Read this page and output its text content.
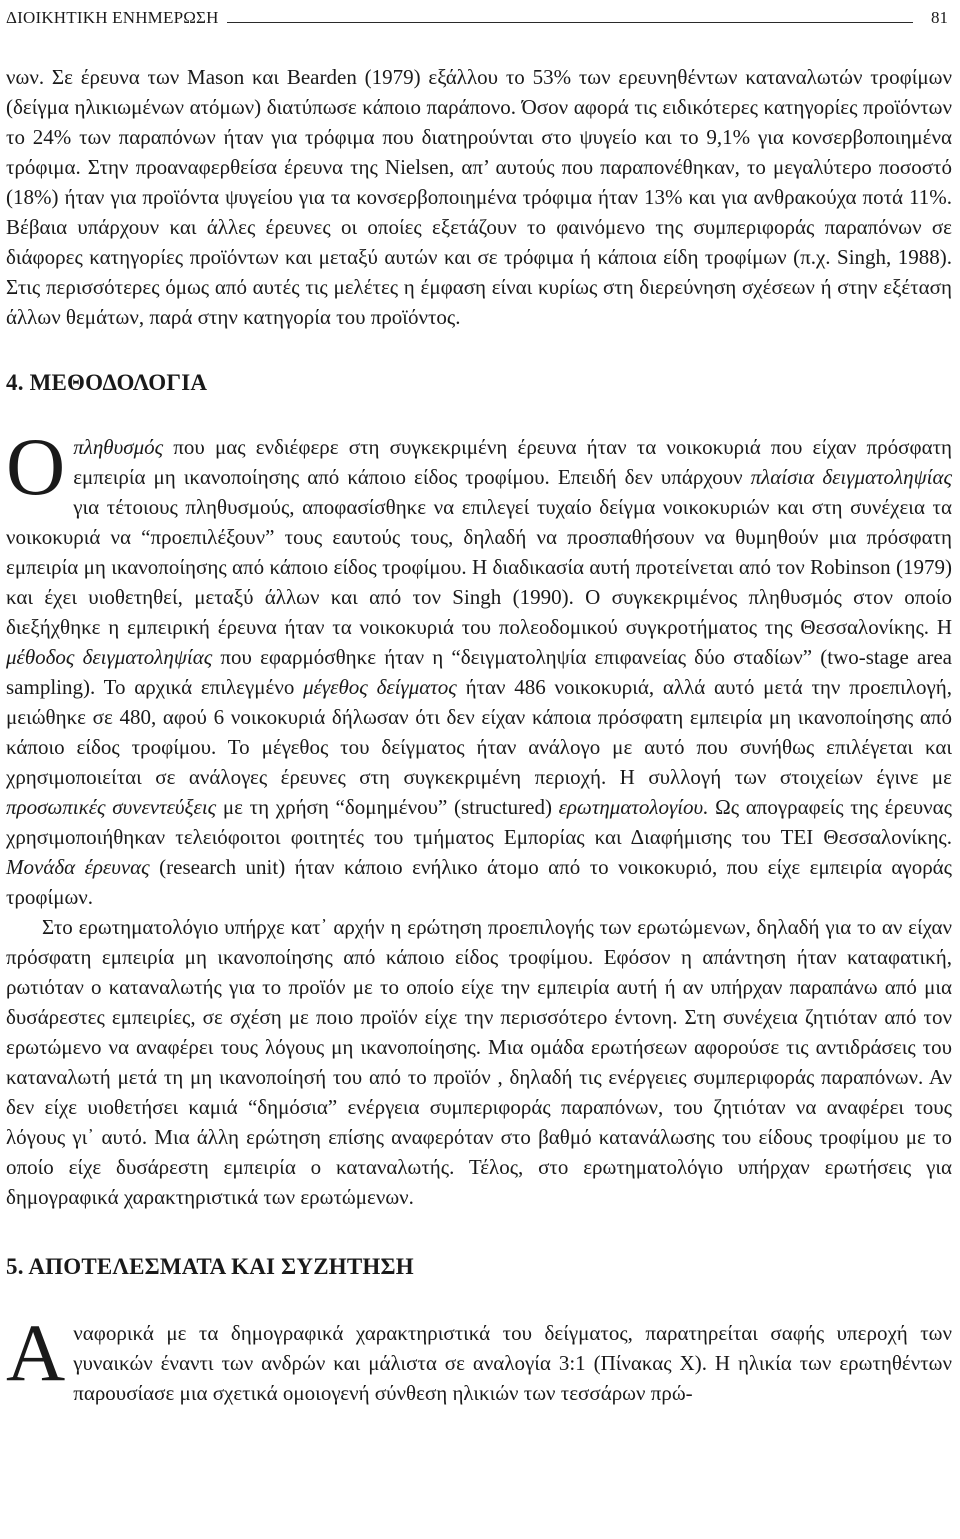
ΔΙΟΙΚΗΤΙΚΗ ΕΝΗΜΕΡΩΣΗ	81

νων. Σε έρευνα των Mason και Bearden (1979) εξάλλου το 53% των ερευνηθέντων καταναλωτών τροφίμων (δείγμα ηλικιωμένων ατόμων) διατύπωσε κάποιο παράπονο. Όσον αφορά τις ειδικότερες κατηγορίες προϊόντων το 24% των παραπόνων ήταν για τρόφιμα που διατηρούνται στο ψυγείο και το 9,1% για κονσερβοποιημένα τρόφιμα. Στην προαναφερθείσα έρευνα της Nielsen, απ’ αυτούς που παραπονέθηκαν, το μεγαλύτερο ποσοστό (18%) ήταν για προϊόντα ψυγείου για τα κονσερβοποιημένα τρόφιμα ήταν 13% και για ανθρακούχα ποτά 11%. Βέβαια υπάρχουν και άλλες έρευνες οι οποίες εξετάζουν το φαινόμενο της συμπεριφοράς παραπόνων σε διάφορες κατηγορίες προϊόντων και μεταξύ αυτών και σε τρόφιμα ή κάποια είδη τροφίμων (π.χ. Singh, 1988). Στις περισσότερες όμως από αυτές τις μελέτες η έμφαση είναι κυρίως στη διερεύνηση σχέσεων ή στην εξέταση άλλων θεμάτων, παρά στην κατηγορία του προϊόντος.

4. ΜΕΘΟΔΟΛΟΓΙΑ

Οπληθυσμός που μας ενδιέφερε στη συγκεκριμένη έρευνα ήταν τα νοικοκυριά που είχαν πρόσφατη εμπειρία μη ικανοποίησης από κάποιο είδος τροφίμου. Επειδή δεν υπάρχουν πλαίσια δειγματοληψίας για τέτοιους πληθυσμούς, αποφασίσθηκε να επιλεγεί τυχαίο δείγμα νοικοκυριών και στη συνέχεια τα νοικοκυριά να “προεπιλέξουν” τους εαυτούς τους, δηλαδή να προσπαθήσουν να θυμηθούν μια πρόσφατη εμπειρία μη ικανοποίησης από κάποιο είδος τροφίμου. Η διαδικασία αυτή προτείνεται από τον Robinson (1979) και έχει υιοθετηθεί, μεταξύ άλλων και από τον Singh (1990). Ο συγκεκριμένος πληθυσμός στον οποίο διεξήχθηκε η εμπειρική έρευνα ήταν τα νοικοκυριά του πολεοδομικού συγκροτήματος της Θεσσαλονίκης. Η μέθοδος δειγματοληψίας που εφαρμόσθηκε ήταν η “δειγματοληψία επιφανείας δύο σταδίων” (two-stage area sampling). Το αρχικά επιλεγμένο μέγεθος δείγματος ήταν 486 νοικοκυριά, αλλά αυτό μετά την προεπιλογή, μειώθηκε σε 480, αφού 6 νοικοκυριά δήλωσαν ότι δεν είχαν κάποια πρόσφατη εμπειρία μη ικανοποίησης από κάποιο είδος τροφίμου. Το μέγεθος του δείγματος ήταν ανάλογο με αυτό που συνήθως επιλέγεται και χρησιμοποιείται σε ανάλογες έρευνες στη συγκεκριμένη περιοχή. Η συλλογή των στοιχείων έγινε με προσωπικές συνεντεύξεις με τη χρήση “δομημένου” (structured) ερωτηματολογίου. Ως απογραφείς της έρευνας χρησιμοποιήθηκαν τελειόφοιτοι φοιτητές του τμήματος Εμπορίας και Διαφήμισης του ΤΕΙ Θεσσαλονίκης. Μονάδα έρευνας (research unit) ήταν κάποιο ενήλικο άτομο από το νοικοκυριό, που είχε εμπειρία αγοράς τροφίμων.

Στο ερωτηματολόγιο υπήρχε κατ᾽ αρχήν η ερώτηση προεπιλογής των ερωτώμενων, δηλαδή για το αν είχαν πρόσφατη εμπειρία μη ικανοποίησης από κάποιο είδος τροφίμου. Εφόσον η απάντηση ήταν καταφατική, ρωτιόταν ο καταναλωτής για το προϊόν με το οποίο είχε την εμπειρία αυτή ή αν υπήρχαν παραπάνω από μια δυσάρεστες εμπειρίες, σε σχέση με ποιο προϊόν είχε την περισσότερο έντονη. Στη συνέχεια ζητιόταν από τον ερωτώμενο να αναφέρει τους λόγους μη ικανοποίησης. Μια ομάδα ερωτήσεων αφορούσε τις αντιδράσεις του καταναλωτή μετά τη μη ικανοποίησή του από το προϊόν , δηλαδή τις ενέργειες συμπεριφοράς παραπόνων. Αν δεν είχε υιοθετήσει καμιά “δημόσια” ενέργεια συμπεριφοράς παραπόνων, του ζητιόταν να αναφέρει τους λόγους γι᾽ αυτό. Μια άλλη ερώτηση επίσης αναφερόταν στο βαθμό κατανάλωσης του είδους τροφίμου με το οποίο είχε δυσάρεστη εμπειρία ο καταναλωτής. Τέλος, στο ερωτηματολόγιο υπήρχαν ερωτήσεις για δημογραφικά χαρακτηριστικά των ερωτώμενων.

5. ΑΠΟΤΕΛΕΣΜΑΤΑ ΚΑΙ ΣΥΖΗΤΗΣΗ

Αναφορικά με τα δημογραφικά χαρακτηριστικά του δείγματος, παρατηρείται σαφής υπεροχή των γυναικών έναντι των ανδρών και μάλιστα σε αναλογία 3:1 (Πίνακας Χ). Η ηλικία των ερωτηθέντων παρουσίασε μια σχετικά ομοιογενή σύνθεση ηλικιών των τεσσάρων πρώ-
